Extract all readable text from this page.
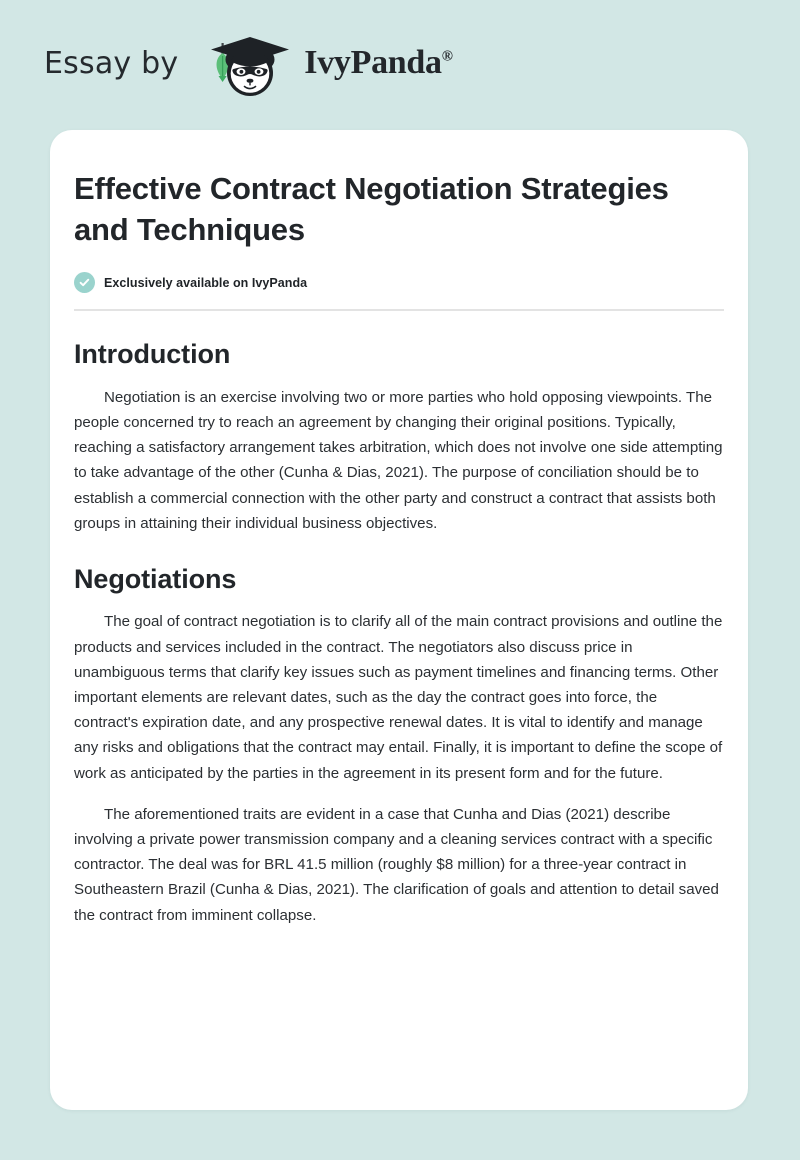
Essay by	IvyPanda®
Effective Contract Negotiation Strategies and Techniques
Exclusively available on IvyPanda
Introduction

Negotiation is an exercise involving two or more parties who hold opposing viewpoints. The people concerned try to reach an agreement by changing their original positions. Typically, reaching a satisfactory arrangement takes arbitration, which does not involve one side attempting to take advantage of the other (Cunha & Dias, 2021). The purpose of conciliation should be to establish a commercial connection with the other party and construct a contract that assists both groups in attaining their individual business objectives.

Negotiations

The goal of contract negotiation is to clarify all of the main contract provisions and outline the products and services included in the contract. The negotiators also discuss price in unambiguous terms that clarify key issues such as payment timelines and financing terms. Other important elements are relevant dates, such as the day the contract goes into force, the contract's expiration date, and any prospective renewal dates. It is vital to identify and manage any risks and obligations that the contract may entail. Finally, it is important to define the scope of work as anticipated by the parties in the agreement in its present form and for the future.

The aforementioned traits are evident in a case that Cunha and Dias (2021) describe involving a private power transmission company and a cleaning services contract with a specific contractor. The deal was for BRL 41.5 million (roughly $8 million) for a three-year contract in Southeastern Brazil (Cunha & Dias, 2021). The clarification of goals and attention to detail saved the contract from imminent collapse.
